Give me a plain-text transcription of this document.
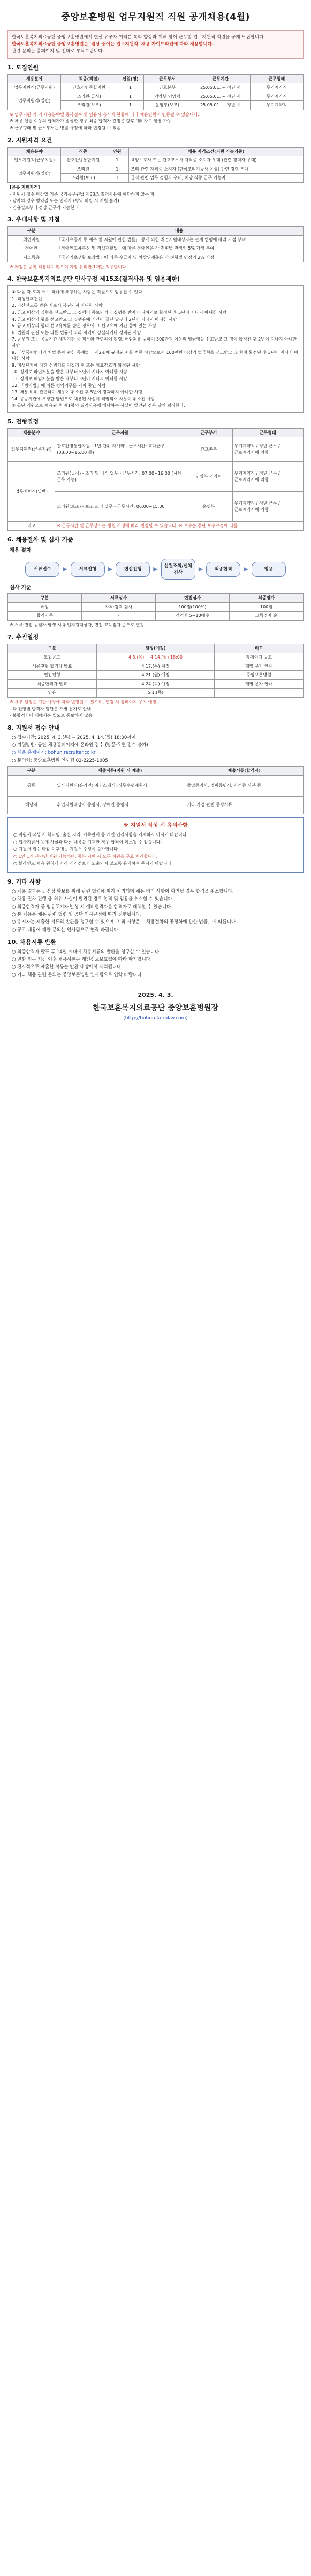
중앙보훈병원 업무지원직 직원 공개채용(4월)

한국보훈복지의료공단 중앙보훈병원에서 헌신 유공자 여러분 복리 향상과 위해 함께 근무할 업무지원직 직원을 공개 모집합니다.

한국보훈복지의료공단 중앙보훈병원은 '임상 중이는 업무지원직' 채용 가이드라인에 따라 채용합니다.

관련 문의는 홈페이지 및 전화로 부탁드립니다.

1. 모집인원
채용분야	직종(직렬)	인원(명)	근무부서	근무기간	근무형태
업무지원직(근무지원)	간호간병통합지원	1	간호본부	25.05.01. ~ 정년 시	무기계약직
업무지원직(일반)	조리원(급식)	1	영양부 영양팀	25.05.01. ~ 정년 시	무기계약직
	조리원(보조)	1	운영부(보조)	25.05.01. ~ 정년 시	무기계약직

※ 업무지원 직 의 채용분야별 중복접수 및 임용시 응시자 현황에 따라 채용인원이 변동될 수 있습니다.

※ 채용 인원 이상의 합격자가 발생한 경우 최종 합격자 결정은 향후 예비자로 활용 가능

※ 근무형태 및 근무부서는 병원 사정에 따라 변경될 수 있음

2. 지원자격 요건
채용분야	직종	인원	채용 자격조건(지원 가능기준)
업무지원직(근무지원)	간호간병통합지원	1	요양보호사 또는 간호조무사 자격증 소지자 우대 (관련 경력자 우대)
업무지원직(일반)	조리원	1	조리 관련 자격증 소지자 (한식조리기능사 이상) 관련 경력 우대
	조리원(보조)	1	급식 관련 업무 경험자 우대, 해당 직종 근무 가능자

[공통 지원자격]

- 지원서 접수 마감일 기준 국가공무원법 제33조 결격사유에 해당하지 않는 자

- 남자의 경우 병역필 또는 면제자 (병역 미필 시 지원 불가)

- 임용일로부터 정상 근무가 가능한 자

3. 우대사항 및 가점
구분	내용
취업지원	「국가유공자 등 예우 및 지원에 관한 법률」 등에 의한 취업지원대상자는 관계 법령에 따라 가점 부여
장애인	「장애인고용촉진 및 직업재활법」에 따른 장애인은 각 전형별 만점의 5% 가점 부여
저소득층	「국민기초생활 보장법」에 따른 수급자 및 차상위계층은 각 전형별 만점의 2% 가점

※ 가점은 중복 적용하지 않으며 가장 유리한 1개만 적용합니다.

4. 한국보훈복지의료공단 인사규정 제15조(결격사유 및 임용제한)

① 다음 각 호의 어느 하나에 해당하는 사람은 직원으로 임용될 수 없다.

1. 피성년후견인

2. 파산선고를 받은 자로서 복권되지 아니한 사람

3. 금고 이상의 실형을 선고받고 그 집행이 종료되거나 집행을 받지 아니하기로 확정된 후 5년이 지나지 아니한 사람

4. 금고 이상의 형을 선고받고 그 집행유예 기간이 끝난 날부터 2년이 지나지 아니한 사람

5. 금고 이상의 형의 선고유예를 받은 경우에 그 선고유예 기간 중에 있는 사람

6. 법원의 판결 또는 다른 법률에 따라 자격이 상실되거나 정지된 사람

7. 공무원 또는 공공기관 재직기간 중 직무와 관련하여 횡령, 배임죄를 범하여 300만원 이상의 벌금형을 선고받고 그 형이 확정된 후 2년이 지나지 아니한 사람

8. 「성폭력범죄의 처벌 등에 관한 특례법」 제2조에 규정된 죄를 범한 사람으로서 100만원 이상의 벌금형을 선고받고 그 형이 확정된 후 3년이 지나지 아니한 사람

9. 미성년자에 대한 성범죄를 저질러 형 또는 치료감호가 확정된 사람

10. 징계로 파면처분을 받은 때부터 5년이 지나지 아니한 사람

11. 징계로 해임처분을 받은 때부터 3년이 지나지 아니한 사람

12. 「병역법」에 따른 병역의무를 기피 중인 사람

13. 채용 비위 관련하여 채용이 취소된 후 5년이 경과하지 아니한 사람

14. 공공기관에 부정한 방법으로 채용된 사실이 적발되어 채용이 취소된 사람

② 공단 직원으로 채용된 후 제1항의 결격사유에 해당하는 사실이 발견된 경우 당연 퇴직한다.

5. 전형일정
채용분야	근무지원	근무부서	근무형태
업무지원직(근무지원)	간호간병통합지원 - 1년 단위 재계약 - 근무시간: 교대근무 (08:00~16:00 등)	간호본부	무기계약직 / 정년 근무 / 근로계약서에 의함
업무지원직(일반)	조리원(급식) - 조리 및 배식 업무 - 근무시간: 07:00~16:00 (시차 근무 가능)	영양부 영양팀	무기계약직 / 정년 근무 / 근로계약서에 의함
	조리원(보조) - 보조 조리 업무 - 근무시간: 06:00~15:00	운영부	무기계약직 / 정년 근무 / 근로계약서에 의함
비고	※ 근무시간 및 근무장소는 병원 사정에 따라 변경될 수 있습니다. ※ 보수는 공단 보수규정에 따름		
6. 채용절차 및 심사 기준
채용 절차
서류접수	▶	서류전형	▶	면접전형	▶	신원조회/신체검사	▶	최종합격	▶	임용
심사 기준
구분	서류심사	면접심사	최종평가
배점	자격·경력 심사	100점(100%)	100점
합격기준	-	적격자 5~10배수	고득점자 순

※ 서류·면접 동점자 발생 시 취업지원대상자, 면접 고득점자 순으로 결정

7. 추진일정
구분	일정(예정)	비고
모집공고	4.3.(목) ~ 4.14.(월) 18:00	홈페이지 공고
서류전형 합격자 발표	4.17.(목) 예정	개별 문자 안내
면접전형	4.21.(월) 예정	중앙보훈병원
최종합격자 발표	4.24.(목) 예정	개별 문자 안내
임용	5.1.(목)	

※ 세부 일정은 기관 사정에 따라 변경될 수 있으며, 변경 시 홈페이지 공지 예정

- 각 전형별 합격자 명단은 개별 문자로 안내

- 불합격자에 대해서는 별도로 통보하지 않음

8. 지원서 접수 안내

○ 접수기간: 2025. 4. 3.(목) ~ 2025. 4. 14.(월) 18:00까지

○ 지원방법: 공단 채용홈페이지에 온라인 접수 (방문·우편 접수 불가)

○ 채용 홈페이지: bohun.recruiter.co.kr

○ 문의처: 중앙보훈병원 인사팀 02-2225-1005

구분	제출서류(지원 시 제출)	제출서류(합격자)
공통	입사지원서(온라인) 자기소개서, 직무수행계획서	졸업증명서, 경력증명서, 자격증 사본 등
해당자	취업지원대상자 증명서, 장애인 증명서	기타 가점 관련 증빙서류
※ 지원서 작성 시 유의사항

○ 지원서 작성 시 학교명, 출신 지역, 가족관계 등 개인 인적사항을 기재하지 마시기 바랍니다.

○ 입사지원서 등에 사실과 다른 내용을 기재한 경우 합격이 취소될 수 있습니다.

○ 지원서 접수 마감 이후에는 지원서 수정이 불가합니다.

○ 1인 1개 분야만 지원 가능하며, 중복 지원 시 모든 지원을 무효 처리합니다.

○ 블라인드 채용 원칙에 따라 개인정보가 노출되지 않도록 유의하여 주시기 바랍니다.

9. 기타 사항

○ 채용 결과는 공정성 확보를 위해 관련 법령에 따라 처리되며 채용 비리 사항이 확인될 경우 합격을 취소합니다.

○ 채용 절차 진행 중 허위 사실이 발견된 경우 합격 및 임용을 취소할 수 있습니다.

○ 최종합격자 중 임용포기자 발생 시 예비합격자를 합격자로 대체할 수 있습니다.

○ 본 채용은 채용 관련 법령 및 공단 인사규정에 따라 진행됩니다.

○ 응시자는 제출한 서류의 반환을 청구할 수 있으며 그 외 사항은 「채용절차의 공정화에 관한 법률」에 따릅니다.

○ 공고 내용에 대한 문의는 인사팀으로 연락 바랍니다.

10. 채용서류 반환

○ 최종합격자 발표 후 14일 이내에 채용서류의 반환을 청구할 수 있습니다.

○ 반환 청구 기간 이후 채용서류는 개인정보보호법에 따라 파기합니다.

○ 전자적으로 제출한 서류는 반환 대상에서 제외됩니다.

○ 기타 채용 관련 문의는 중앙보훈병원 인사팀으로 연락 바랍니다.

2025. 4. 3.
한국보훈복지의료공단 중앙보훈병원장
(http://bohun.fairplay.com)
